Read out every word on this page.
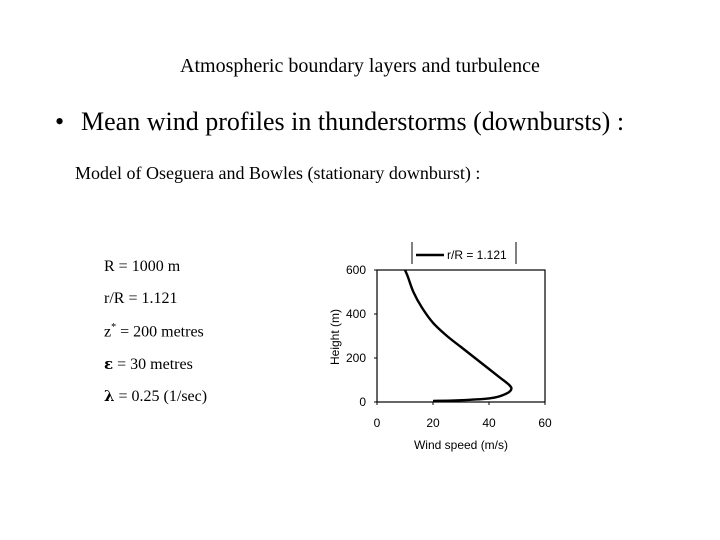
Atmospheric boundary layers and turbulence
• Mean wind profiles in thunderstorms (downbursts) :
Model of Oseguera and Bowles (stationary downburst) :
R = 1000 m
r/R = 1.121
z* = 200 metres
ε = 30 metres
λ = 0.25 (1/sec)
0	20	40	60
0
200
400
600
r/R = 1.121
Wind speed (m/s)
Height (m)
